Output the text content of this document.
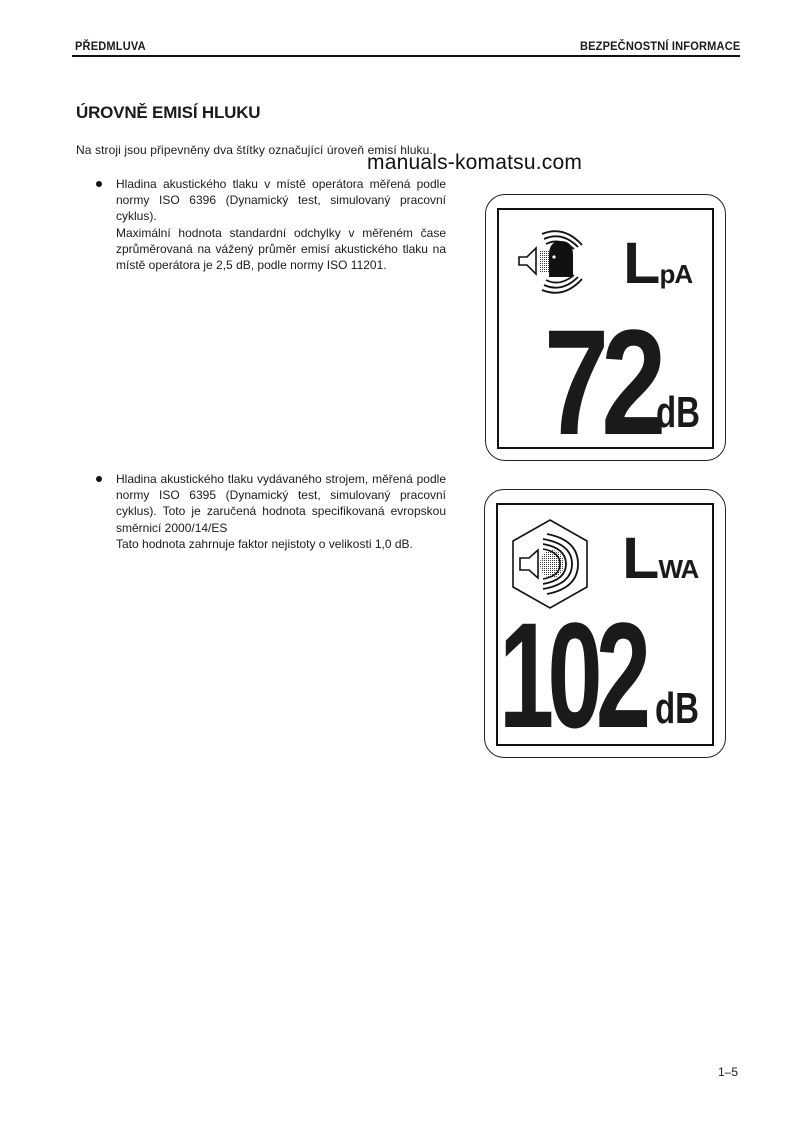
PŘEDMLUVA	BEZPEČNOSTNÍ INFORMACE
ÚROVNĚ EMISÍ HLUKU
Na stroji jsou připevněny dva štítky označující úroveň emisí hluku.
manuals-komatsu.com

Hladina akustického tlaku v místě operátora měřená podle normy ISO 6396 (Dynamický test, simulovaný pracovní cyklus).

Maximální hodnota standardní odchylky v měřeném čase zprůměrovaná na vážený průměr emisí akustického tlaku na místě operátora je 2,5 dB, podle normy ISO 11201.

Hladina akustického tlaku vydávaného strojem, měřená podle normy ISO 6395 (Dynamický test, simulovaný pracovní cyklus). Toto je zaručená hodnota specifikovaná evropskou směrnicí 2000/14/ES

Tato hodnota zahrnuje faktor nejistoty o velikosti 1,0 dB.

LpA
72
dB
LWA
102 dB
1–5
